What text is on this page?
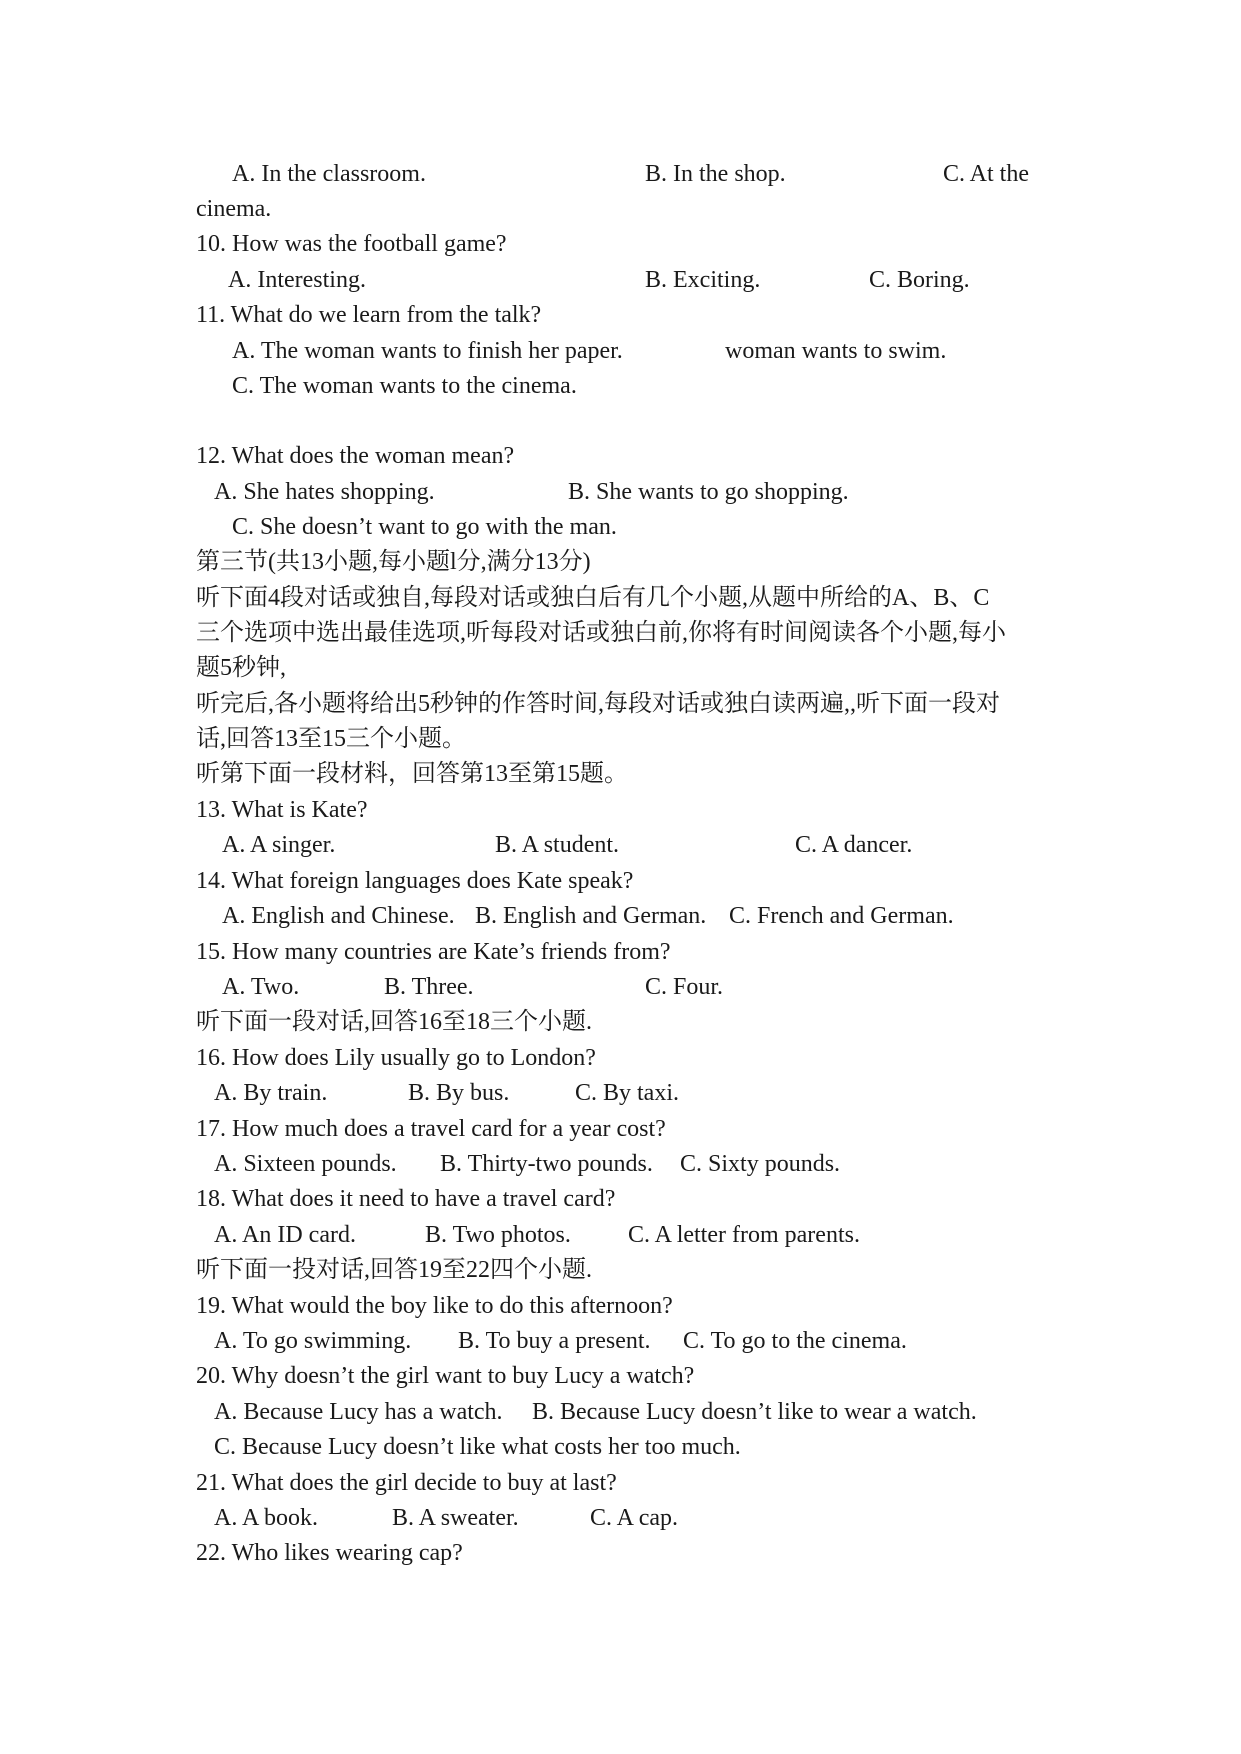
A. In the classroom.	B. In the shop.	C. At the
cinema.
10. How was the football game?
A. Interesting.	B. Exciting.	C. Boring.
11. What do we learn from the talk?
A. The woman wants to finish her paper.	woman wants to swim.
C. The woman wants to the cinema.
12. What does the woman mean?
A. She hates shopping.	B. She wants to go shopping.
C. She doesn’t want to go with the man.
第三节(共13小题,每小题l分,满分13分)
听下面4段对话或独自,每段对话或独白后有几个小题,从题中所给的A、B、C
三个选项中选出最佳选项,听每段对话或独白前,你将有时间阅读各个小题,每小
题5秒钟,
听完后,各小题将给出5秒钟的作答时间,每段对话或独白读两遍,,听下面一段对
话,回答13至15三个小题。
听第下面一段材料，回答第13至第15题。
13. What is Kate?
A. A singer.	B. A student.	C. A dancer.
14. What foreign languages does Kate speak?
A. English and Chinese. B. English and German. C. French and German.
15. How many countries are Kate’s friends from?
A. Two.	B. Three.	C. Four.
听下面一段对话,回答16至18三个小题.
16. How does Lily usually go to London?
A. By train.	B. By bus.	C. By taxi.
17. How much does a travel card for a year cost?
A. Sixteen pounds. B. Thirty-two pounds. C. Sixty pounds.
18. What does it need to have a travel card?
A. An ID card.	B. Two photos. C. A letter from parents.
听下面一投对话,回答19至22四个小题.
19. What would the boy like to do this afternoon?
A. To go swimming. B. To buy a present. C. To go to the cinema.
20. Why doesn’t the girl want to buy Lucy a watch?
A. Because Lucy has a watch. B. Because Lucy doesn’t like to wear a watch.
C. Because Lucy doesn’t like what costs her too much.
21. What does the girl decide to buy at last?
A. A book.	B. A sweater.	C. A cap.
22. Who likes wearing cap?
